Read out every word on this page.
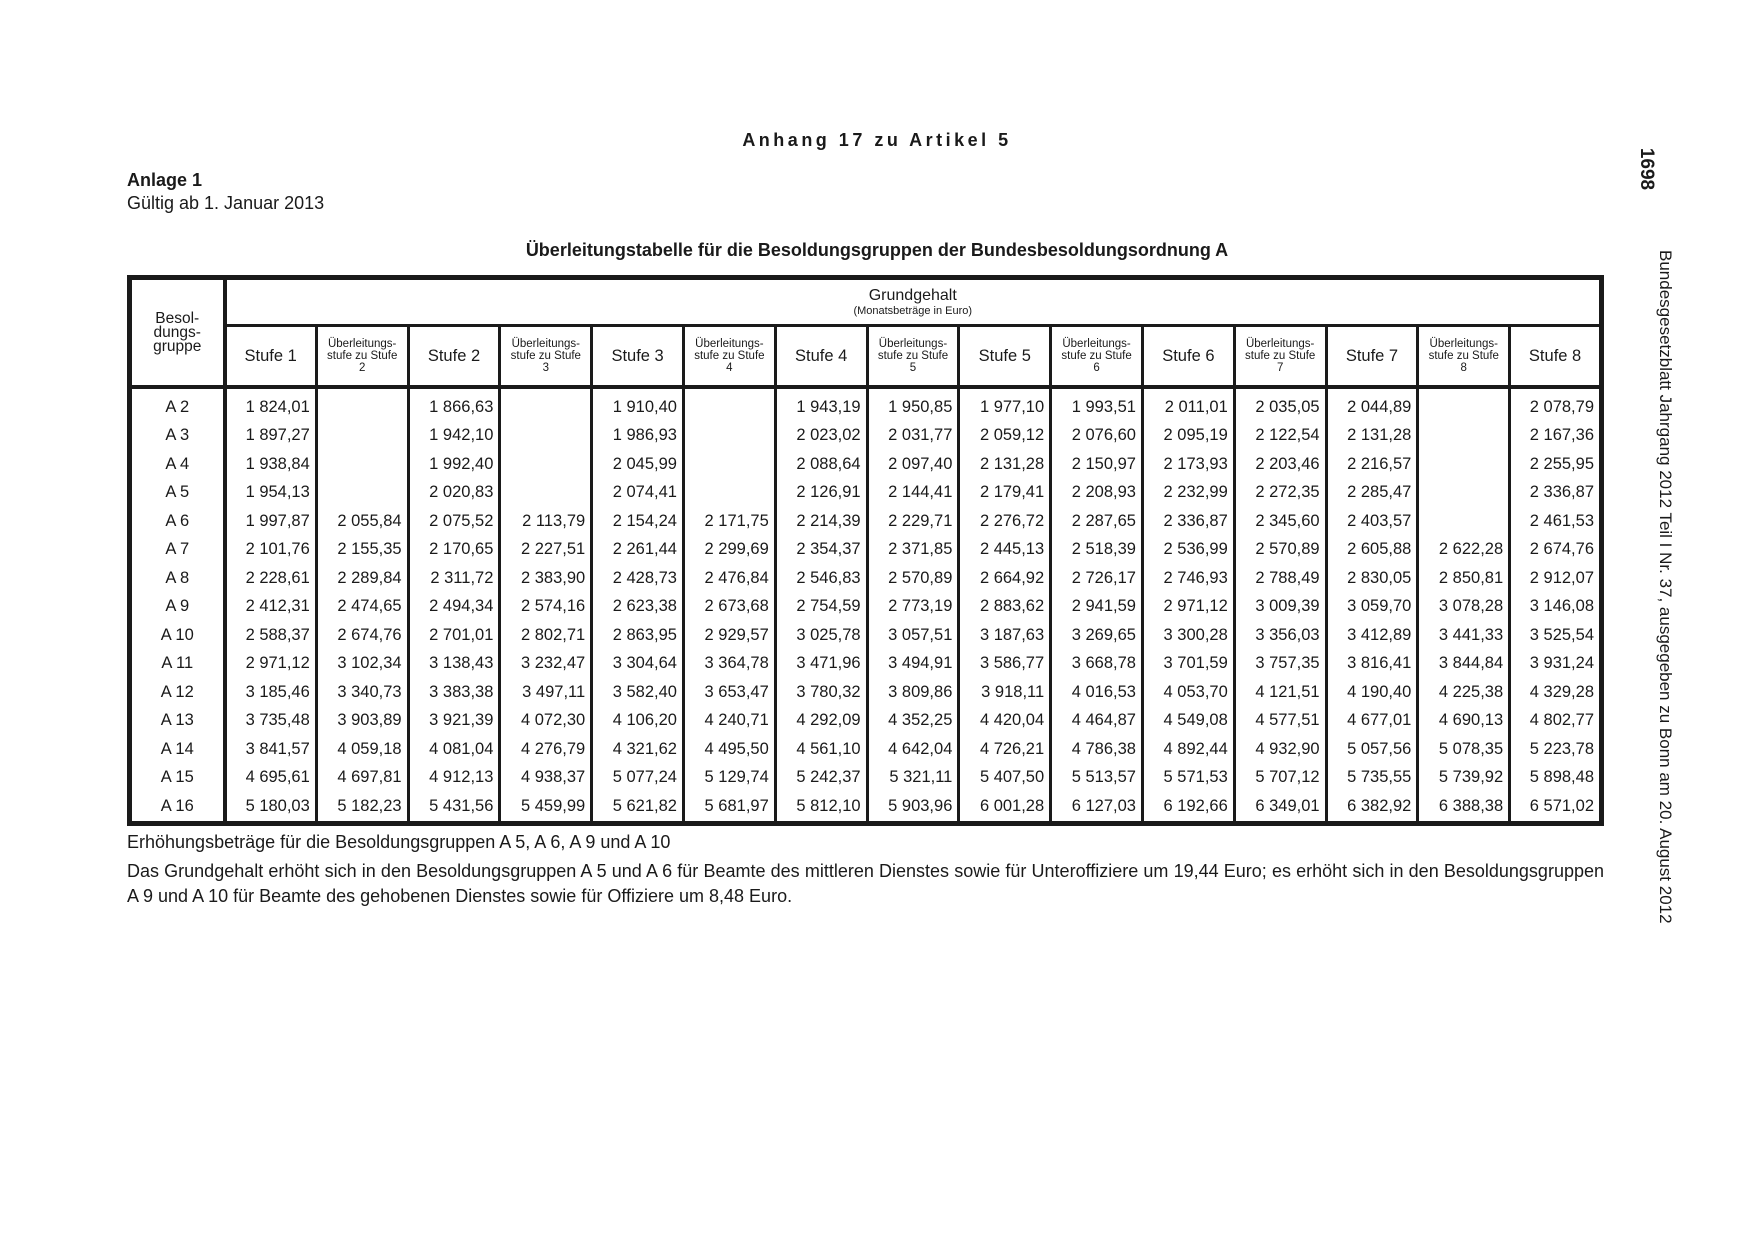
Anhang 17 zu Artikel 5
1698
Bundesgesetzblatt Jahrgang 2012 Teil I Nr. 37, ausgegeben zu Bonn am 20. August 2012
Anlage 1
Gültig ab 1. Januar 2013
Überleitungstabelle für die Besoldungsgruppen der Bundesbesoldungsordnung A
Besol-
dungs-
gruppe	Grundgehalt
(Monatsbeträge in Euro)														

	Stufe 1	Überleitungs-
stufe zu Stufe
2	Stufe 2	Überleitungs-
stufe zu Stufe
3	Stufe 3	Überleitungs-
stufe zu Stufe
4	Stufe 4	Überleitungs-
stufe zu Stufe
5	Stufe 5	Überleitungs-
stufe zu Stufe
6	Stufe 6	Überleitungs-
stufe zu Stufe
7	Stufe 7	Überleitungs-
stufe zu Stufe
8	Stufe 8
A 2	1 824,01		1 866,63		1 910,40		1 943,19	1 950,85	1 977,10	1 993,51	2 011,01	2 035,05	2 044,89		2 078,79
A 3	1 897,27		1 942,10		1 986,93		2 023,02	2 031,77	2 059,12	2 076,60	2 095,19	2 122,54	2 131,28		2 167,36
A 4	1 938,84		1 992,40		2 045,99		2 088,64	2 097,40	2 131,28	2 150,97	2 173,93	2 203,46	2 216,57		2 255,95
A 5	1 954,13		2 020,83		2 074,41		2 126,91	2 144,41	2 179,41	2 208,93	2 232,99	2 272,35	2 285,47		2 336,87
A 6	1 997,87	2 055,84	2 075,52	2 113,79	2 154,24	2 171,75	2 214,39	2 229,71	2 276,72	2 287,65	2 336,87	2 345,60	2 403,57		2 461,53
A 7	2 101,76	2 155,35	2 170,65	2 227,51	2 261,44	2 299,69	2 354,37	2 371,85	2 445,13	2 518,39	2 536,99	2 570,89	2 605,88	2 622,28	2 674,76
A 8	2 228,61	2 289,84	2 311,72	2 383,90	2 428,73	2 476,84	2 546,83	2 570,89	2 664,92	2 726,17	2 746,93	2 788,49	2 830,05	2 850,81	2 912,07
A 9	2 412,31	2 474,65	2 494,34	2 574,16	2 623,38	2 673,68	2 754,59	2 773,19	2 883,62	2 941,59	2 971,12	3 009,39	3 059,70	3 078,28	3 146,08
A 10	2 588,37	2 674,76	2 701,01	2 802,71	2 863,95	2 929,57	3 025,78	3 057,51	3 187,63	3 269,65	3 300,28	3 356,03	3 412,89	3 441,33	3 525,54
A 11	2 971,12	3 102,34	3 138,43	3 232,47	3 304,64	3 364,78	3 471,96	3 494,91	3 586,77	3 668,78	3 701,59	3 757,35	3 816,41	3 844,84	3 931,24
A 12	3 185,46	3 340,73	3 383,38	3 497,11	3 582,40	3 653,47	3 780,32	3 809,86	3 918,11	4 016,53	4 053,70	4 121,51	4 190,40	4 225,38	4 329,28
A 13	3 735,48	3 903,89	3 921,39	4 072,30	4 106,20	4 240,71	4 292,09	4 352,25	4 420,04	4 464,87	4 549,08	4 577,51	4 677,01	4 690,13	4 802,77
A 14	3 841,57	4 059,18	4 081,04	4 276,79	4 321,62	4 495,50	4 561,10	4 642,04	4 726,21	4 786,38	4 892,44	4 932,90	5 057,56	5 078,35	5 223,78
A 15	4 695,61	4 697,81	4 912,13	4 938,37	5 077,24	5 129,74	5 242,37	5 321,11	5 407,50	5 513,57	5 571,53	5 707,12	5 735,55	5 739,92	5 898,48
A 16	5 180,03	5 182,23	5 431,56	5 459,99	5 621,82	5 681,97	5 812,10	5 903,96	6 001,28	6 127,03	6 192,66	6 349,01	6 382,92	6 388,38	6 571,02
Erhöhungsbeträge für die Besoldungsgruppen A 5, A 6, A 9 und A 10
Das Grundgehalt erhöht sich in den Besoldungsgruppen A 5 und A 6 für Beamte des mittleren Dienstes sowie für Unteroffiziere um 19,44 Euro; es erhöht sich in den Besoldungsgruppen A 9 und A 10 für Beamte des gehobenen Dienstes sowie für Offiziere um 8,48 Euro.
